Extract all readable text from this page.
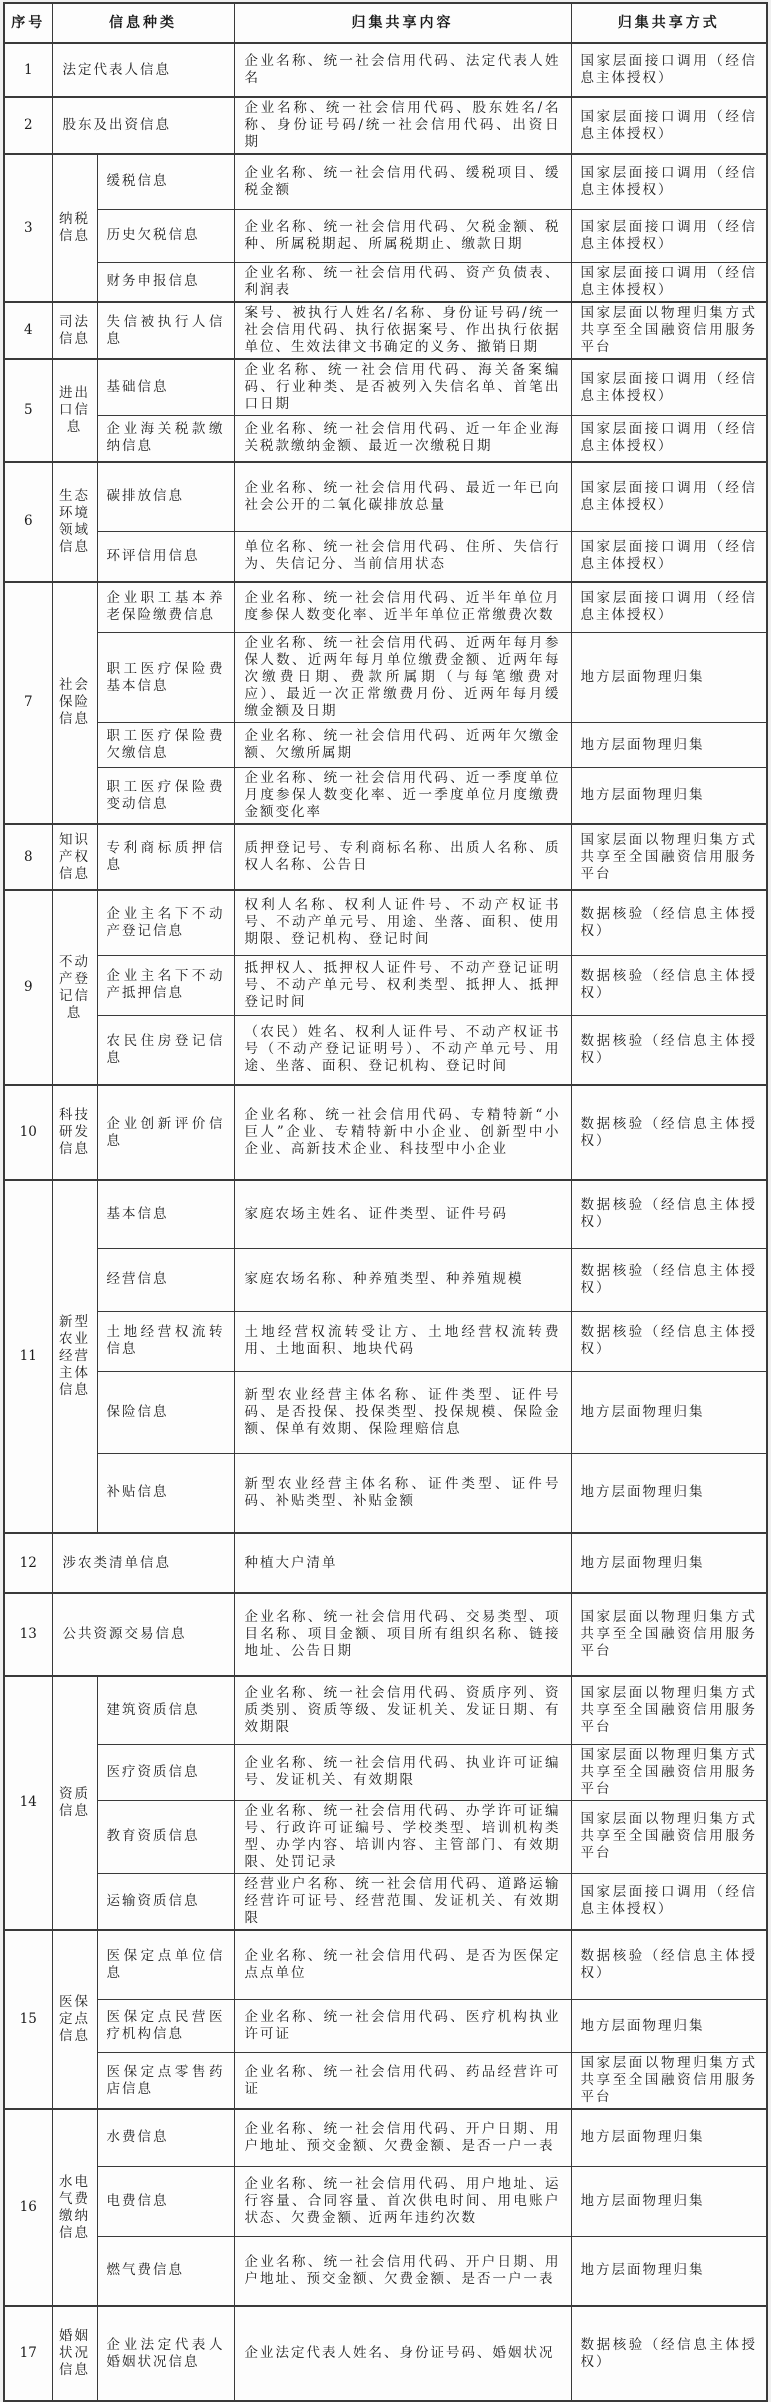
序号	信息种类		归集共享内容	归集共享方式
1	法定代表人信息		企业名称、统一社会信用代码、法定代表人姓名	国家层面接口调用（经信息主体授权）
2	股东及出资信息		企业名称、统一社会信用代码、股东姓名/名称、身份证号码/统一社会信用代码、出资日期	国家层面接口调用（经信息主体授权）
3	纳税信息	缓税信息	企业名称、统一社会信用代码、缓税项目、缓税金额	国家层面接口调用（经信息主体授权）
		历史欠税信息	企业名称、统一社会信用代码、欠税金额、税种、所属税期起、所属税期止、缴款日期	国家层面接口调用（经信息主体授权）
		财务申报信息	企业名称、统一社会信用代码、资产负债表、利润表	国家层面接口调用（经信息主体授权）
4	司法信息	失信被执行人信息	案号、被执行人姓名/名称、身份证号码/统一社会信用代码、执行依据案号、作出执行依据单位、生效法律文书确定的义务、撤销日期	国家层面以物理归集方式共享至全国融资信用服务平台
5	进出口信息	基础信息	企业名称、统一社会信用代码、海关备案编码、行业种类、是否被列入失信名单、首笔出口日期	国家层面接口调用（经信息主体授权）
		企业海关税款缴纳信息	企业名称、统一社会信用代码、近一年企业海关税款缴纳金额、最近一次缴税日期	国家层面接口调用（经信息主体授权）
6	生态环境领域信息	碳排放信息	企业名称、统一社会信用代码、最近一年已向社会公开的二氧化碳排放总量	国家层面接口调用（经信息主体授权）
		环评信用信息	单位名称、统一社会信用代码、住所、失信行为、失信记分、当前信用状态	国家层面接口调用（经信息主体授权）
7	社会保险信息	企业职工基本养老保险缴费信息	企业名称、统一社会信用代码、近半年单位月度参保人数变化率、近半年单位正常缴费次数	国家层面接口调用（经信息主体授权）
		职工医疗保险费基本信息	企业名称、统一社会信用代码、近两年每月参保人数、近两年每月单位缴费金额、近两年每次缴费日期、费款所属期（与每笔缴费对应）、最近一次正常缴费月份、近两年每月缓缴金额及日期	地方层面物理归集
		职工医疗保险费欠缴信息	企业名称、统一社会信用代码、近两年欠缴金额、欠缴所属期	地方层面物理归集
		职工医疗保险费变动信息	企业名称、统一社会信用代码、近一季度单位月度参保人数变化率、近一季度单位月度缴费金额变化率	地方层面物理归集
8	知识产权信息	专利商标质押信息	质押登记号、专利商标名称、出质人名称、质权人名称、公告日	国家层面以物理归集方式共享至全国融资信用服务平台
9	不动产登记信息	企业主名下不动产登记信息	权利人名称、权利人证件号、不动产权证书号、不动产单元号、用途、坐落、面积、使用期限、登记机构、登记时间	数据核验（经信息主体授权）
		企业主名下不动产抵押信息	抵押权人、抵押权人证件号、不动产登记证明号、不动产单元号、权利类型、抵押人、抵押登记时间	数据核验（经信息主体授权）
		农民住房登记信息	（农民）姓名、权利人证件号、不动产权证书号（不动产登记证明号）、不动产单元号、用途、坐落、面积、登记机构、登记时间	数据核验（经信息主体授权）
10	科技研发信息	企业创新评价信息	企业名称、统一社会信用代码、专精特新“小巨人”企业、专精特新中小企业、创新型中小企业、高新技术企业、科技型中小企业	数据核验（经信息主体授权）
11	新型农业经营主体信息	基本信息	家庭农场主姓名、证件类型、证件号码	数据核验（经信息主体授权）
		经营信息	家庭农场名称、种养殖类型、种养殖规模	数据核验（经信息主体授权）
		土地经营权流转信息	土地经营权流转受让方、土地经营权流转费用、土地面积、地块代码	数据核验（经信息主体授权）
		保险信息	新型农业经营主体名称、证件类型、证件号码、是否投保、投保类型、投保规模、保险金额、保单有效期、保险理赔信息	地方层面物理归集
		补贴信息	新型农业经营主体名称、证件类型、证件号码、补贴类型、补贴金额	地方层面物理归集
12	涉农类清单信息		种植大户清单	地方层面物理归集
13	公共资源交易信息		企业名称、统一社会信用代码、交易类型、项目名称、项目金额、项目所有组织名称、链接地址、公告日期	国家层面以物理归集方式共享至全国融资信用服务平台
14	资质信息	建筑资质信息	企业名称、统一社会信用代码、资质序列、资质类别、资质等级、发证机关、发证日期、有效期限	国家层面以物理归集方式共享至全国融资信用服务平台
		医疗资质信息	企业名称、统一社会信用代码、执业许可证编号、发证机关、有效期限	国家层面以物理归集方式共享至全国融资信用服务平台
		教育资质信息	企业名称、统一社会信用代码、办学许可证编号、行政许可证编号、学校类型、培训机构类型、办学内容、培训内容、主管部门、有效期限、处罚记录	国家层面以物理归集方式共享至全国融资信用服务平台
		运输资质信息	经营业户名称、统一社会信用代码、道路运输经营许可证号、经营范围、发证机关、有效期限	国家层面接口调用（经信息主体授权）
15	医保定点信息	医保定点单位信息	企业名称、统一社会信用代码、是否为医保定点点单位	数据核验（经信息主体授权）
		医保定点民营医疗机构信息	企业名称、统一社会信用代码、医疗机构执业许可证	地方层面物理归集
		医保定点零售药店信息	企业名称、统一社会信用代码、药品经营许可证	国家层面以物理归集方式共享至全国融资信用服务平台
16	水电气费缴纳信息	水费信息	企业名称、统一社会信用代码、开户日期、用户地址、预交金额、欠费金额、是否一户一表	地方层面物理归集
		电费信息	企业名称、统一社会信用代码、用户地址、运行容量、合同容量、首次供电时间、用电账户状态、欠费金额、近两年违约次数	地方层面物理归集
		燃气费信息	企业名称、统一社会信用代码、开户日期、用户地址、预交金额、欠费金额、是否一户一表	地方层面物理归集
17	婚姻状况信息	企业法定代表人婚姻状况信息	企业法定代表人姓名、身份证号码、婚姻状况	数据核验（经信息主体授权）
